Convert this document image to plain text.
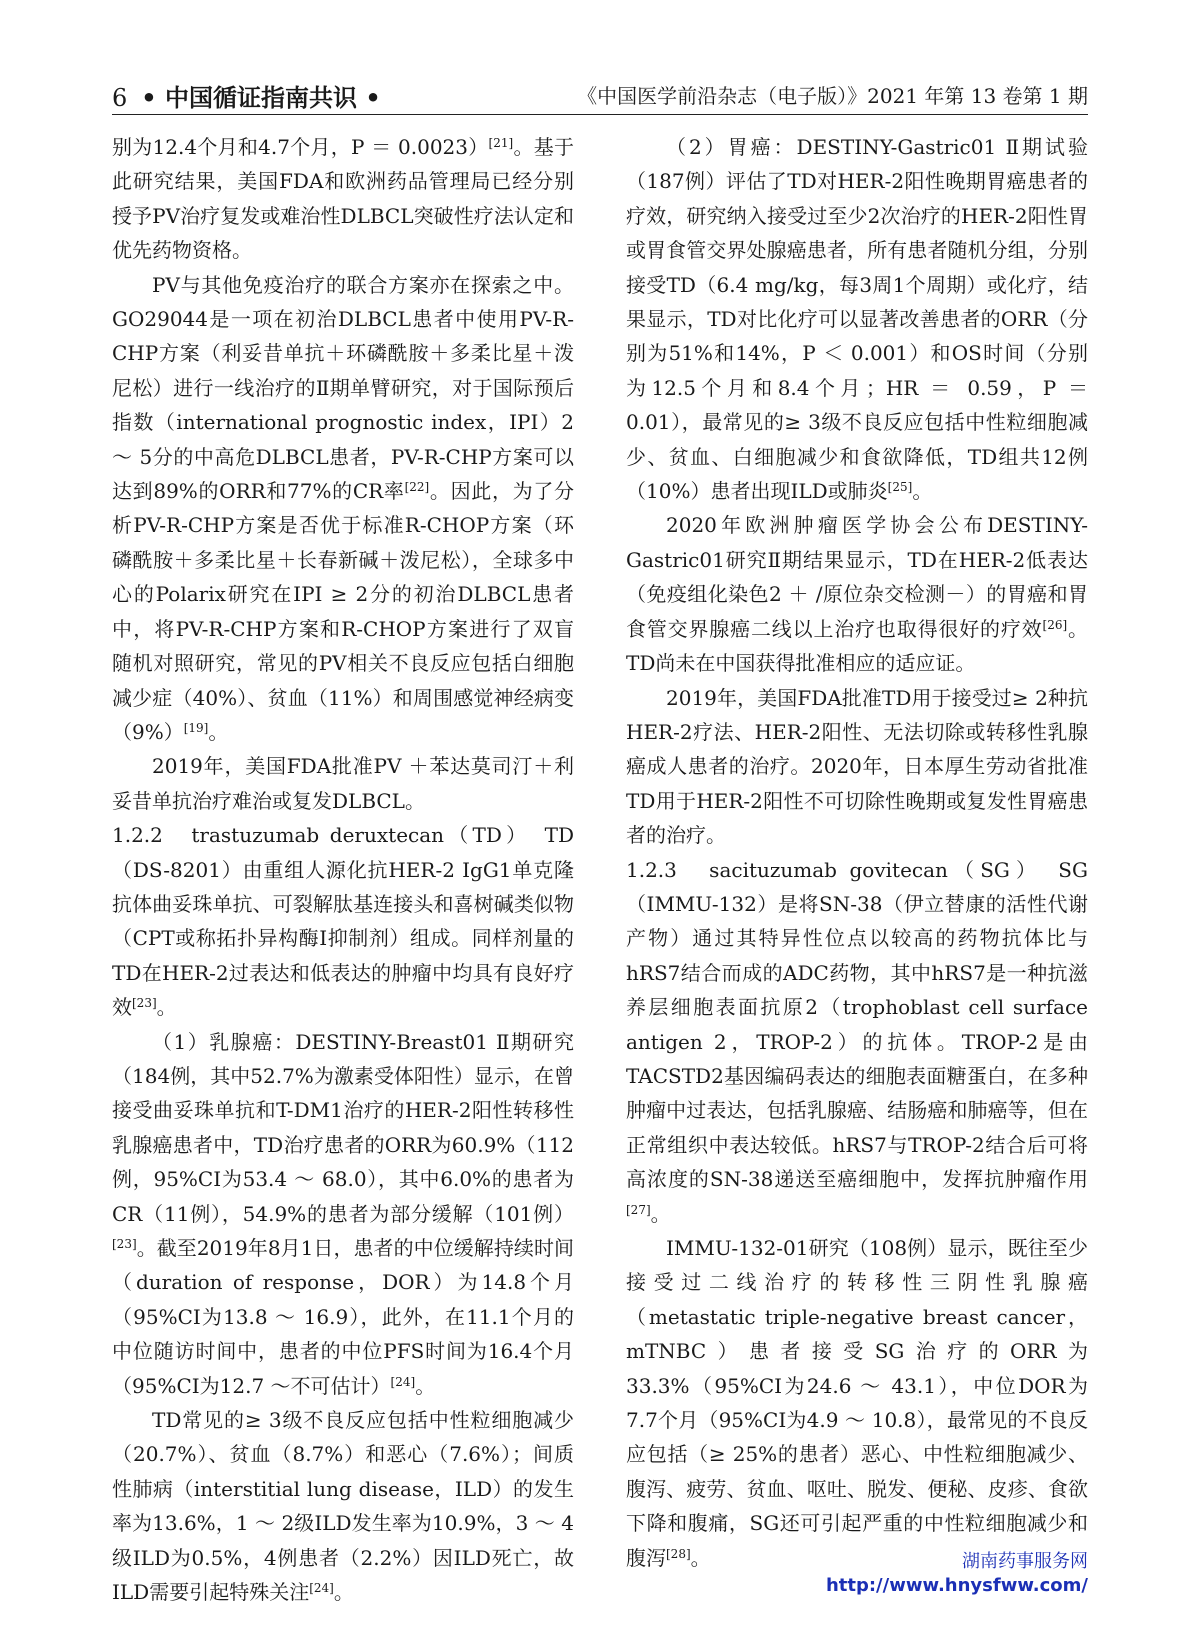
6 • 中国循证指南共识 •	《中国医学前沿杂志（电子版）》2021 年第 13 卷第 1 期

别为12.4个月和4.7个月，P ＝ 0.0023）[21]。基于此研究结果，美国FDA和欧洲药品管理局已经分别授予PV治疗复发或难治性DLBCL突破性疗法认定和优先药物资格。

PV与其他免疫治疗的联合方案亦在探索之中。GO29044是一项在初治DLBCL患者中使用PV-R-CHP方案（利妥昔单抗＋环磷酰胺＋多柔比星＋泼尼松）进行一线治疗的Ⅱ期单臂研究，对于国际预后指数（international prognostic index，IPI）2 ～ 5分的中高危DLBCL患者，PV-R-CHP方案可以达到89%的ORR和77%的CR率[22]。因此，为了分析PV-R-CHP方案是否优于标准R-CHOP方案（环磷酰胺＋多柔比星＋长春新碱＋泼尼松），全球多中心的Polarix研究在IPI ≥ 2分的初治DLBCL患者中，将PV-R-CHP方案和R-CHOP方案进行了双盲随机对照研究，常见的PV相关不良反应包括白细胞减少症（40%）、贫血（11%）和周围感觉神经病变（9%）[19]。

2019年，美国FDA批准PV ＋苯达莫司汀＋利妥昔单抗治疗难治或复发DLBCL。

1.2.2　trastuzumab deruxtecan（TD）　TD（DS-8201）由重组人源化抗HER-2 IgG1单克隆抗体曲妥珠单抗、可裂解肽基连接头和喜树碱类似物（CPT或称拓扑异构酶Ⅰ抑制剂）组成。同样剂量的TD在HER-2过表达和低表达的肿瘤中均具有良好疗效[23]。

（1）乳腺癌：DESTINY-Breast01 Ⅱ期研究（184例，其中52.7%为激素受体阳性）显示，在曾接受曲妥珠单抗和T-DM1治疗的HER-2阳性转移性乳腺癌患者中，TD治疗患者的ORR为60.9%（112例，95%CI为53.4 ～ 68.0），其中6.0%的患者为CR（11例），54.9%的患者为部分缓解（101例）[23]。截至2019年8月1日，患者的中位缓解持续时间（duration of response，DOR）为14.8个月（95%CI为13.8 ～ 16.9），此外，在11.1个月的中位随访时间中，患者的中位PFS时间为16.4个月（95%CI为12.7 ～不可估计）[24]。

TD常见的≥ 3级不良反应包括中性粒细胞减少（20.7%）、贫血（8.7%）和恶心（7.6%）；间质性肺病（interstitial lung disease，ILD）的发生率为13.6%，1 ～ 2级ILD发生率为10.9%，3 ～ 4级ILD为0.5%，4例患者（2.2%）因ILD死亡，故ILD需要引起特殊关注[24]。

（2）胃癌：DESTINY-Gastric01 Ⅱ期试验（187例）评估了TD对HER-2阳性晚期胃癌患者的疗效，研究纳入接受过至少2次治疗的HER-2阳性胃或胃食管交界处腺癌患者，所有患者随机分组，分别接受TD（6.4 mg/kg，每3周1个周期）或化疗，结果显示，TD对比化疗可以显著改善患者的ORR（分别为51%和14%，P ＜ 0.001）和OS时间（分别为12.5个月和8.4个月；HR ＝ 0.59，P ＝ 0.01），最常见的≥ 3级不良反应包括中性粒细胞减少、贫血、白细胞减少和食欲降低，TD组共12例（10%）患者出现ILD或肺炎[25]。

2020年欧洲肿瘤医学协会公布DESTINY-Gastric01研究Ⅱ期结果显示，TD在HER-2低表达（免疫组化染色2 ＋ /原位杂交检测－）的胃癌和胃食管交界腺癌二线以上治疗也取得很好的疗效[26]。TD尚未在中国获得批准相应的适应证。

2019年，美国FDA批准TD用于接受过≥ 2种抗HER-2疗法、HER-2阳性、无法切除或转移性乳腺癌成人患者的治疗。2020年，日本厚生劳动省批准TD用于HER-2阳性不可切除性晚期或复发性胃癌患者的治疗。

1.2.3　sacituzumab govitecan（SG）　SG（IMMU-132）是将SN-38（伊立替康的活性代谢产物）通过其特异性位点以较高的药物抗体比与hRS7结合而成的ADC药物，其中hRS7是一种抗滋养层细胞表面抗原2（trophoblast cell surface antigen 2，TROP-2）的抗体。TROP-2是由TACSTD2基因编码表达的细胞表面糖蛋白，在多种肿瘤中过表达，包括乳腺癌、结肠癌和肺癌等，但在正常组织中表达较低。hRS7与TROP-2结合后可将高浓度的SN-38递送至癌细胞中，发挥抗肿瘤作用[27]。

IMMU-132-01研究（108例）显示，既往至少接受过二线治疗的转移性三阴性乳腺癌（metastatic triple-negative breast cancer，mTNBC）患者接受SG治疗的ORR为33.3%（95%CI为24.6 ～ 43.1），中位DOR为7.7个月（95%CI为4.9 ～ 10.8），最常见的不良反应包括（≥ 25%的患者）恶心、中性粒细胞减少、腹泻、疲劳、贫血、呕吐、脱发、便秘、皮疹、食欲下降和腹痛，SG还可引起严重的中性粒细胞减少和腹泻[28]。	湖南药事服务网
http://www.hnysfww.com/
